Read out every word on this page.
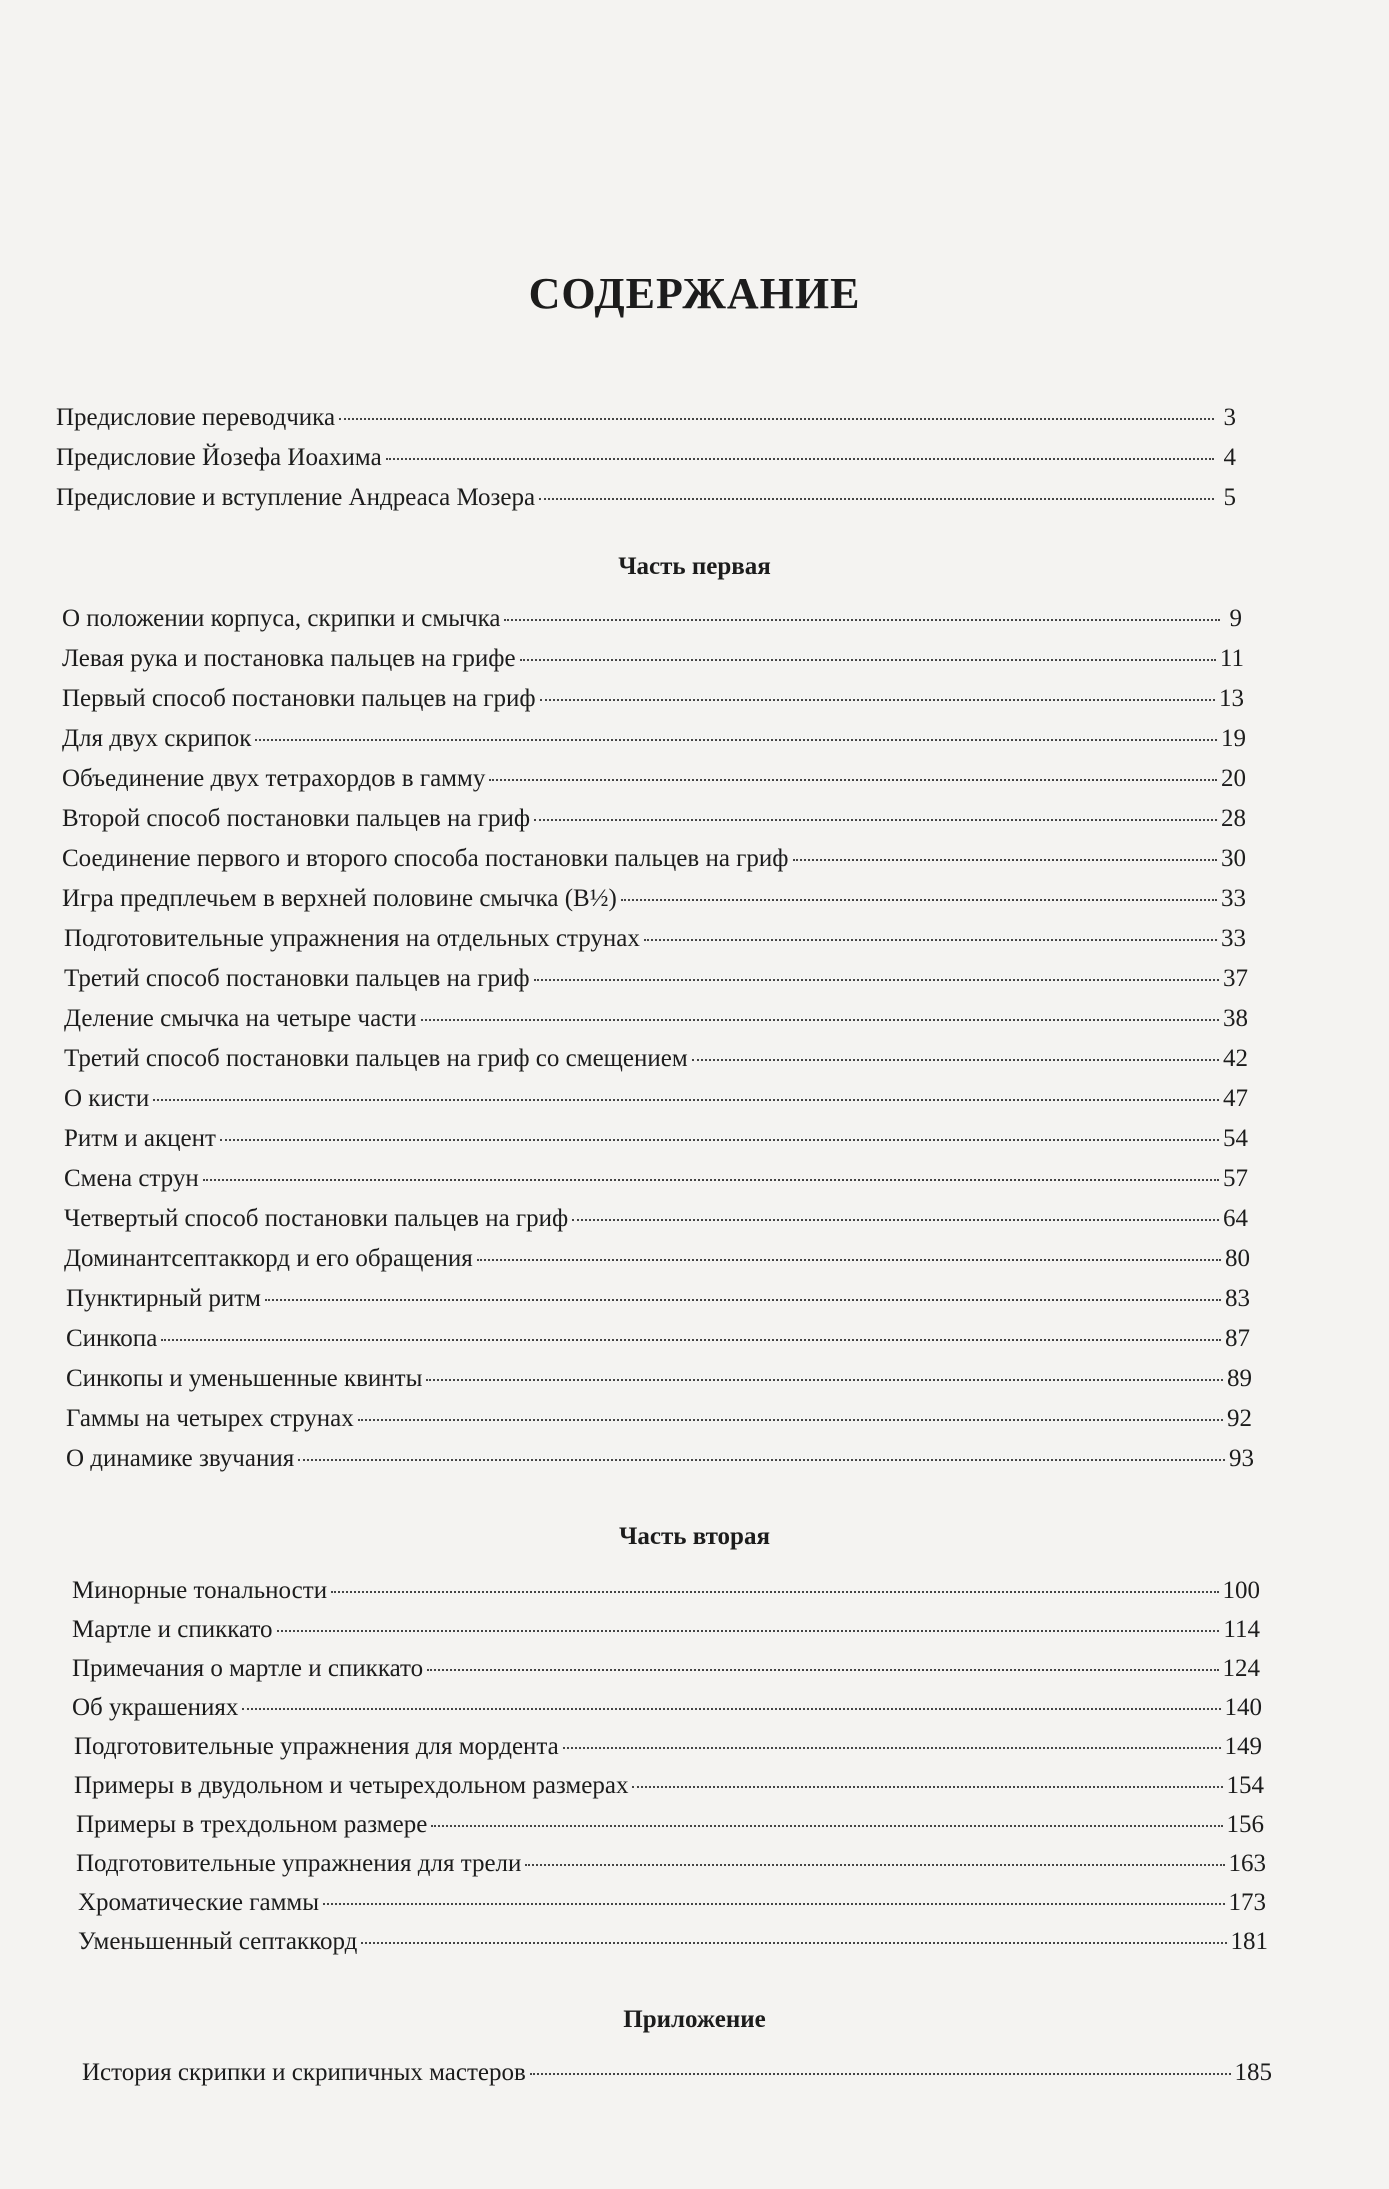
СОДЕРЖАНИЕ
Предисловие переводчика	3
Предисловие Йозефа Иоахима	4
Предисловие и вступление Андреаса Мозера	5
Часть первая
О положении корпуса, скрипки и смычка	9
Левая рука и постановка пальцев на грифе	11
Первый способ постановки пальцев на гриф	13
Для двух скрипок	19
Объединение двух тетрахордов в гамму	20
Второй способ постановки пальцев на гриф	28
Соединение первого и второго способа постановки пальцев на гриф	30
Игра предплечьем в верхней половине смычка (В½)	33
Подготовительные упражнения на отдельных струнах	33
Третий способ постановки пальцев на гриф	37
Деление смычка на четыре части	38
Третий способ постановки пальцев на гриф со смещением	42
О кисти	47
Ритм и акцент	54
Смена струн	57
Четвертый способ постановки пальцев на гриф	64
Доминантсептаккорд и его обращения	80
Пунктирный ритм	83
Синкопа	87
Синкопы и уменьшенные квинты	89
Гаммы на четырех струнах	92
О динамике звучания	93
Часть вторая
Минорные тональности	100
Мартле и спиккато	114
Примечания о мартле и спиккато	124
Об украшениях	140
Подготовительные упражнения для мордента	149
Примеры в двудольном и четырехдольном размерах	154
Примеры в трехдольном размере	156
Подготовительные упражнения для трели	163
Хроматические гаммы	173
Уменьшенный септаккорд	181
Приложение
История скрипки и скрипичных мастеров	185
